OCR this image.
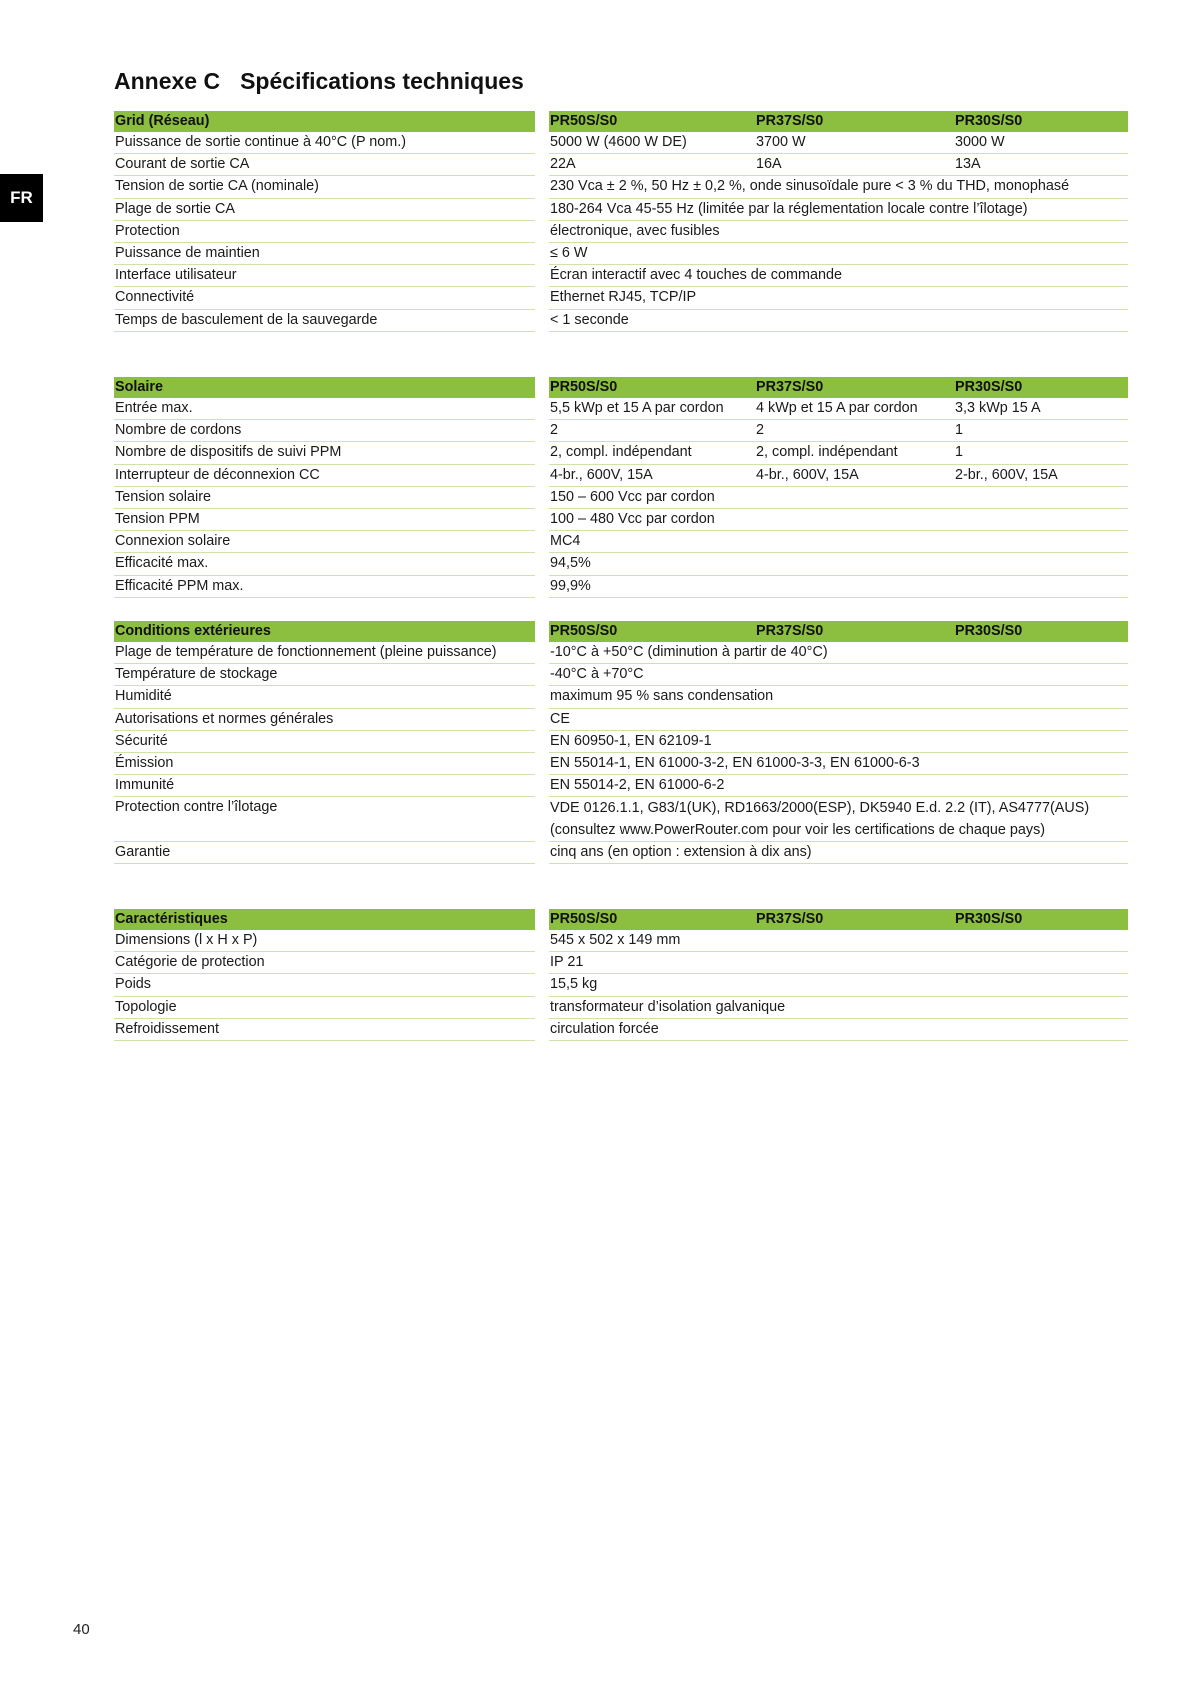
FR
Annexe C Spécifications techniques
Grid (Réseau)	PR50S/S0	PR37S/S0	PR30S/S0
Puissance de sortie continue à 40°C (P nom.)	5000 W (4600 W DE)	3700 W	3000 W
Courant de sortie CA	22A	16A	13A
Tension de sortie CA (nominale)	230 Vca ± 2 %, 50 Hz ± 0,2 %, onde sinusoïdale pure < 3 % du THD, monophasé
Plage de sortie CA	180-264 Vca 45-55 Hz (limitée par la réglementation locale contre l’îlotage)
Protection	électronique, avec fusibles
Puissance de maintien	≤ 6 W
Interface utilisateur	Écran interactif avec 4 touches de commande
Connectivité	Ethernet RJ45, TCP/IP
Temps de basculement de la sauvegarde	< 1 seconde
Solaire	PR50S/S0	PR37S/S0	PR30S/S0
Entrée max.	5,5 kWp et 15 A par cordon	4 kWp et 15 A par cordon	3,3 kWp 15 A
Nombre de cordons	2	2	1
Nombre de dispositifs de suivi PPM	2, compl. indépendant	2, compl. indépendant	1
Interrupteur de déconnexion CC	4-br., 600V, 15A	4-br., 600V, 15A	2-br., 600V, 15A
Tension solaire	150 – 600 Vcc par cordon
Tension PPM	100 – 480 Vcc par cordon
Connexion solaire	MC4
Efficacité max.	94,5%
Efficacité PPM max.	99,9%
Conditions extérieures	PR50S/S0	PR37S/S0	PR30S/S0
Plage de température de fonctionnement (pleine puissance)	-10°C à +50°C (diminution à partir de 40°C)
Température de stockage	-40°C à +70°C
Humidité	maximum 95 % sans condensation
Autorisations et normes générales	CE
Sécurité	EN 60950-1, EN 62109-1
Émission	EN 55014-1, EN 61000-3-2, EN 61000-3-3, EN 61000-6-3
Immunité	EN 55014-2, EN 61000-6-2
Protection contre l’îlotage	VDE 0126.1.1, G83/1(UK), RD1663/2000(ESP), DK5940 E.d. 2.2 (IT), AS4777(AUS)
(consultez www.PowerRouter.com pour voir les certifications de chaque pays)
Garantie	cinq ans (en option : extension à dix ans)
Caractéristiques	PR50S/S0	PR37S/S0	PR30S/S0
Dimensions (l x H x P)	545 x 502 x 149 mm
Catégorie de protection	IP 21
Poids	15,5 kg
Topologie	transformateur d’isolation galvanique
Refroidissement	circulation forcée
40
